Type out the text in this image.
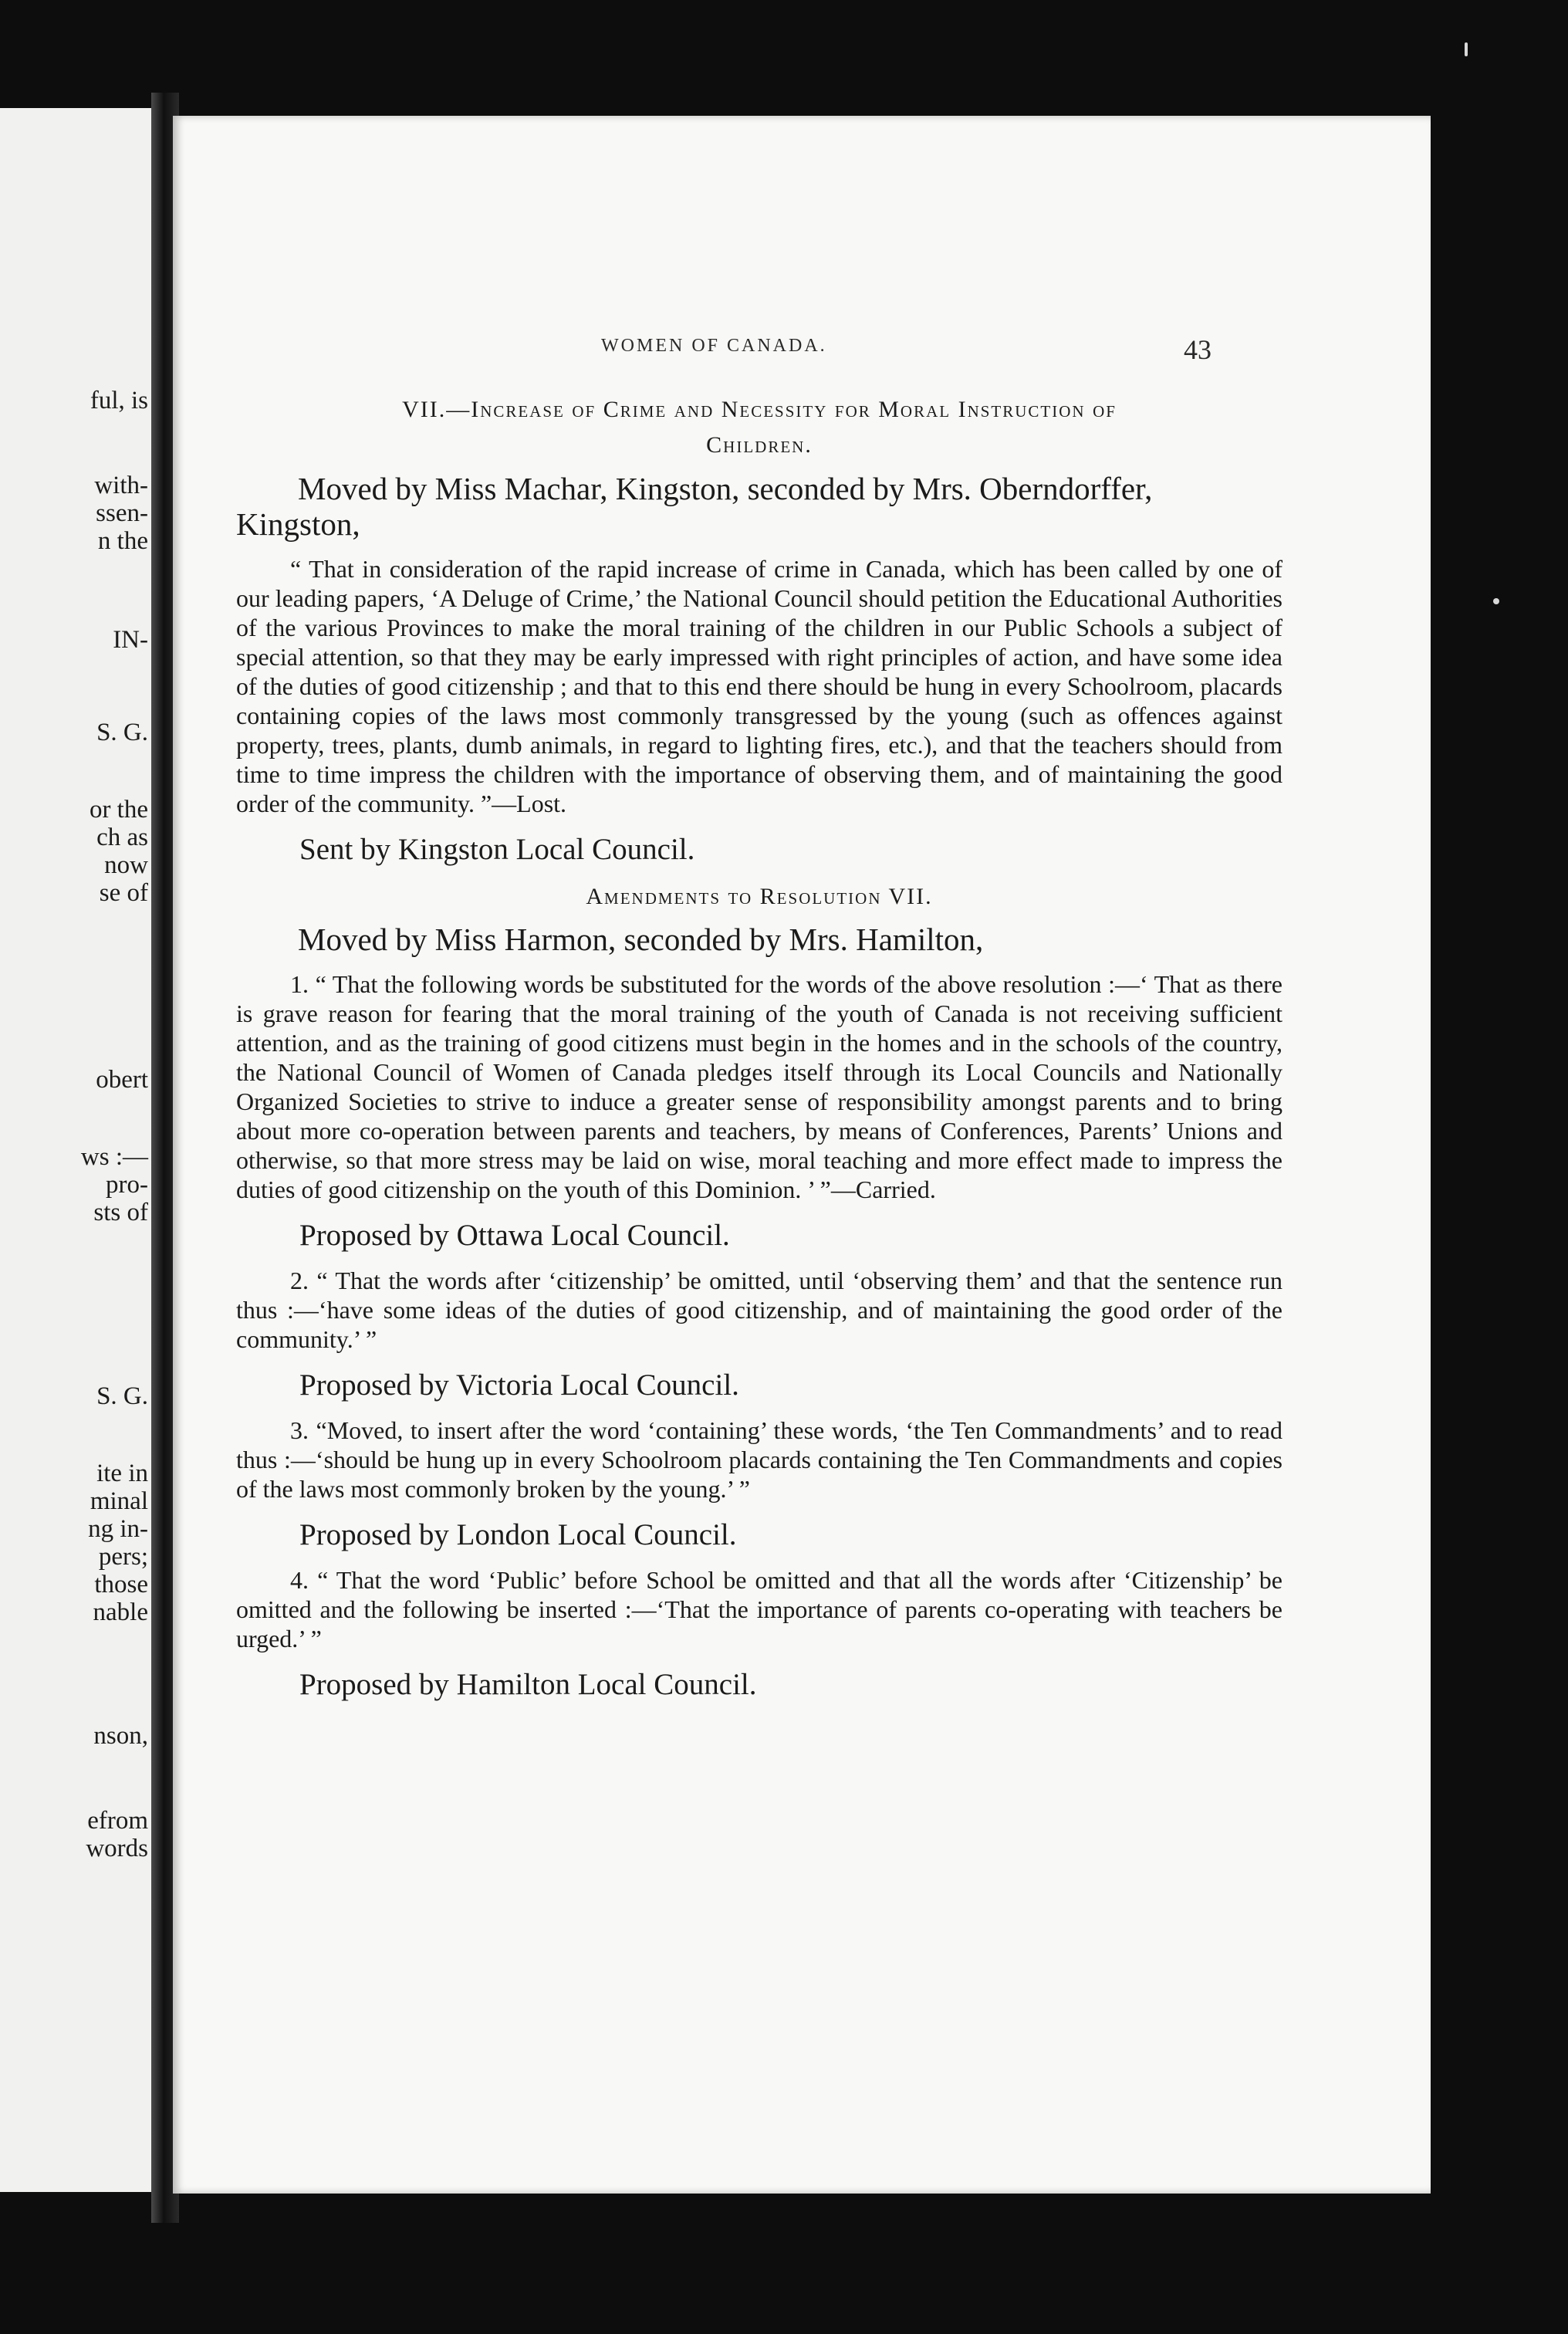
ful, is
with-
ssen-
n the
IN-
S. G.
or the
ch as
now
se of
obert
ws :—
pro-
sts of
S. G.
ite in
minal
ng in-
pers;
those
nable
nson,
efrom
words
WOMEN OF CANADA.	43
VII.—Increase of Crime and Necessity for Moral Instruction of
Children.

Moved by Miss Machar, Kingston, seconded by Mrs. Oberndorffer, Kingston,

“ That in consideration of the rapid increase of crime in Canada, which has been called by one of our leading papers, ‘A Deluge of Crime,’ the National Council should petition the Educational Authorities of the various Provinces to make the moral training of the children in our Public Schools a subject of special attention, so that they may be early impressed with right principles of action, and have some idea of the duties of good citizenship ; and that to this end there should be hung in every Schoolroom, placards containing copies of the laws most commonly transgressed by the young (such as offences against property, trees, plants, dumb animals, in regard to lighting fires, etc.), and that the teachers should from time to time impress the children with the importance of observing them, and of maintaining the good order of the community. ”—Lost.

Sent by Kingston Local Council.

Amendments to Resolution VII.

Moved by Miss Harmon, seconded by Mrs. Hamilton,

1. “ That the following words be substituted for the words of the above resolution :—‘ That as there is grave reason for fearing that the moral training of the youth of Canada is not receiving sufficient attention, and as the training of good citizens must begin in the homes and in the schools of the country, the National Council of Women of Canada pledges itself through its Local Councils and Nationally Organized Societies to strive to induce a greater sense of responsibility amongst parents and to bring about more co-operation between parents and teachers, by means of Conferences, Parents’ Unions and otherwise, so that more stress may be laid on wise, moral teaching and more effect made to impress the duties of good citizenship on the youth of this Dominion. ’ ”—Carried.

Proposed by Ottawa Local Council.

2. “ That the words after ‘citizenship’ be omitted, until ‘observing them’ and that the sentence run thus :—‘have some ideas of the duties of good citizenship, and of maintaining the good order of the community.’ ”

Proposed by Victoria Local Council.

3. “Moved, to insert after the word ‘containing’ these words, ‘the Ten Commandments’ and to read thus :—‘should be hung up in every Schoolroom placards containing the Ten Commandments and copies of the laws most commonly broken by the young.’ ”

Proposed by London Local Council.

4. “ That the word ‘Public’ before School be omitted and that all the words after ‘Citizenship’ be omitted and the following be inserted :—‘That the importance of parents co-operating with teachers be urged.’ ”

Proposed by Hamilton Local Council.
